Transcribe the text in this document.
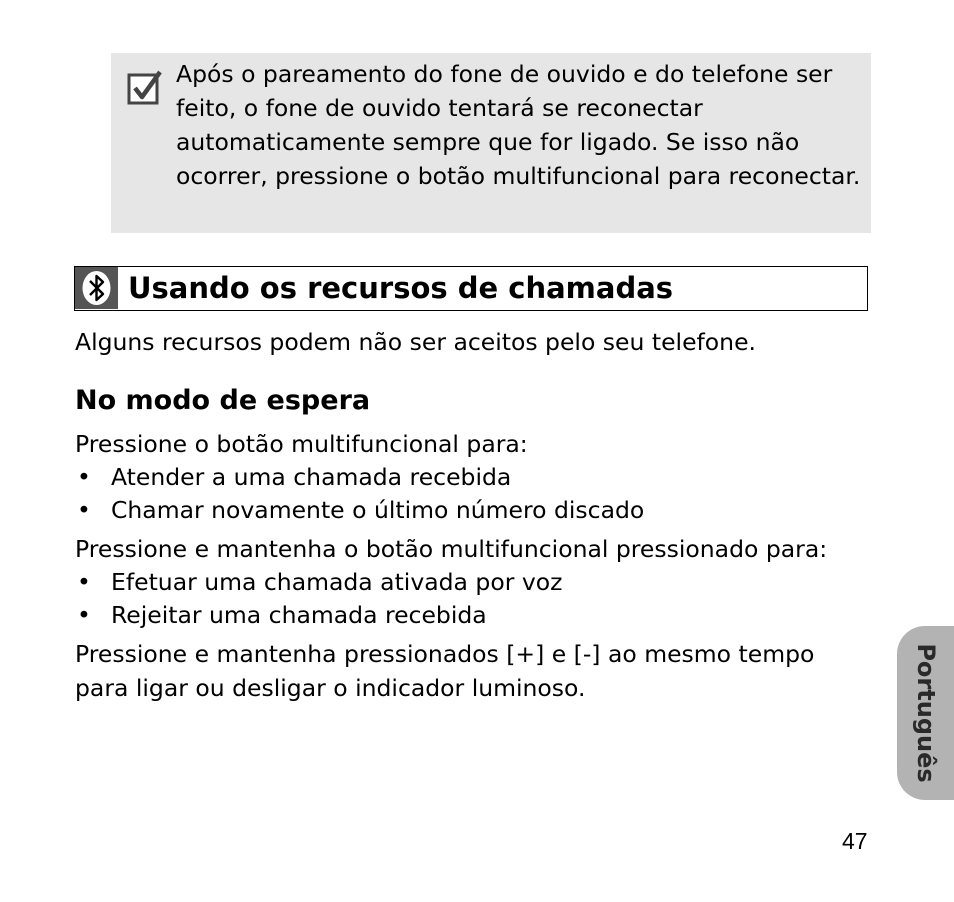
Após o pareamento do fone de ouvido e do telefone ser feito, o fone de ouvido tentará se reconectar automaticamente sempre que for ligado. Se isso não ocorrer, pressione o botão multifuncional para reconectar.

Usando os recursos de chamadas

Alguns recursos podem não ser aceitos pelo seu telefone.

No modo de espera

Pressione o botão multifuncional para:

• Atender a uma chamada recebida
• Chamar novamente o último número discado

Pressione e mantenha o botão multifuncional pressionado para:

• Efetuar uma chamada ativada por voz
• Rejeitar uma chamada recebida

Pressione e mantenha pressionados [+] e [-] ao mesmo tempo para ligar ou desligar o indicador luminoso.	Português
47
